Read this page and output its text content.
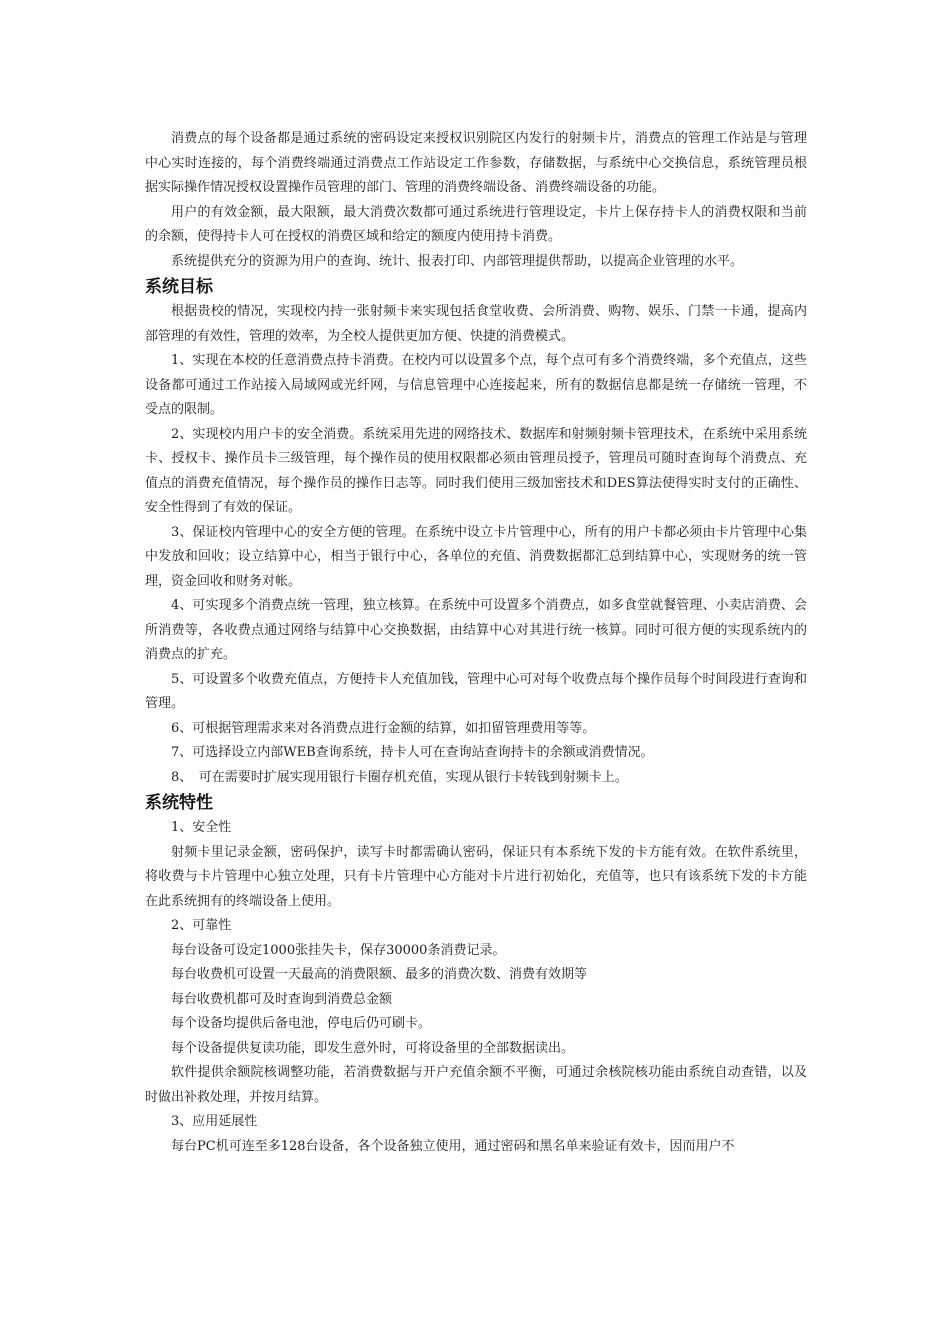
消费点的每个设备都是通过系统的密码设定来授权识别院区内发行的射频卡片，消费点的管理工作站是与管理中心实时连接的，每个消费终端通过消费点工作站设定工作参数，存储数据，与系统中心交换信息，系统管理员根据实际操作情况授权设置操作员管理的部门、管理的消费终端设备、消费终端设备的功能。

用户的有效金额，最大限额，最大消费次数都可通过系统进行管理设定，卡片上保存持卡人的消费权限和当前的余额，使得持卡人可在授权的消费区域和给定的额度内使用持卡消费。

系统提供充分的资源为用户的查询、统计、报表打印、内部管理提供帮助，以提高企业管理的水平。

系统目标

根据贵校的情况，实现校内持一张射频卡来实现包括食堂收费、会所消费、购物、娱乐、门禁一卡通，提高内部管理的有效性，管理的效率，为全校人提供更加方便、快捷的消费模式。

1、实现在本校的任意消费点持卡消费。在校内可以设置多个点，每个点可有多个消费终端，多个充值点，这些设备都可通过工作站接入局域网或光纤网，与信息管理中心连接起来，所有的数据信息都是统一存储统一管理，不受点的限制。

2、实现校内用户卡的安全消费。系统采用先进的网络技术、数据库和射频射频卡管理技术，在系统中采用系统卡、授权卡、操作员卡三级管理，每个操作员的使用权限都必须由管理员授予，管理员可随时查询每个消费点、充值点的消费充值情况，每个操作员的操作日志等。同时我们使用三级加密技术和DES算法使得实时支付的正确性、安全性得到了有效的保证。

3、保证校内管理中心的安全方便的管理。在系统中设立卡片管理中心，所有的用户卡都必须由卡片管理中心集中发放和回收；设立结算中心，相当于银行中心，各单位的充值、消费数据都汇总到结算中心，实现财务的统一管理，资金回收和财务对帐。

4、可实现多个消费点统一管理，独立核算。在系统中可设置多个消费点，如多食堂就餐管理、小卖店消费、会所消费等，各收费点通过网络与结算中心交换数据，由结算中心对其进行统一核算。同时可很方便的实现系统内的消费点的扩充。

5、可设置多个收费充值点，方便持卡人充值加钱，管理中心可对每个收费点每个操作员每个时间段进行查询和管理。

6、可根据管理需求来对各消费点进行金额的结算，如扣留管理费用等等。

7、可选择设立内部WEB查询系统，持卡人可在查询站查询持卡的余额或消费情况。

8、　可在需要时扩展实现用银行卡圈存机充值，实现从银行卡转钱到射频卡上。

系统特性

1、安全性

射频卡里记录金额，密码保护，读写卡时都需确认密码，保证只有本系统下发的卡方能有效。在软件系统里，将收费与卡片管理中心独立处理，只有卡片管理中心方能对卡片进行初始化，充值等，也只有该系统下发的卡方能在此系统拥有的终端设备上使用。

2、可靠性

每台设备可设定1000张挂失卡，保存30000条消费记录。

每台收费机可设置一天最高的消费限额、最多的消费次数、消费有效期等

每台收费机都可及时查询到消费总金额

每个设备均提供后备电池，停电后仍可刷卡。

每个设备提供复读功能，即发生意外时，可将设备里的全部数据读出。

软件提供余额院核调整功能，若消费数据与开户充值余额不平衡，可通过余核院核功能由系统自动查错，以及时做出补救处理，并按月结算。

3、应用延展性

每台PC机可连至多128台设备，各个设备独立使用，通过密码和黑名单来验证有效卡，因而用户不
